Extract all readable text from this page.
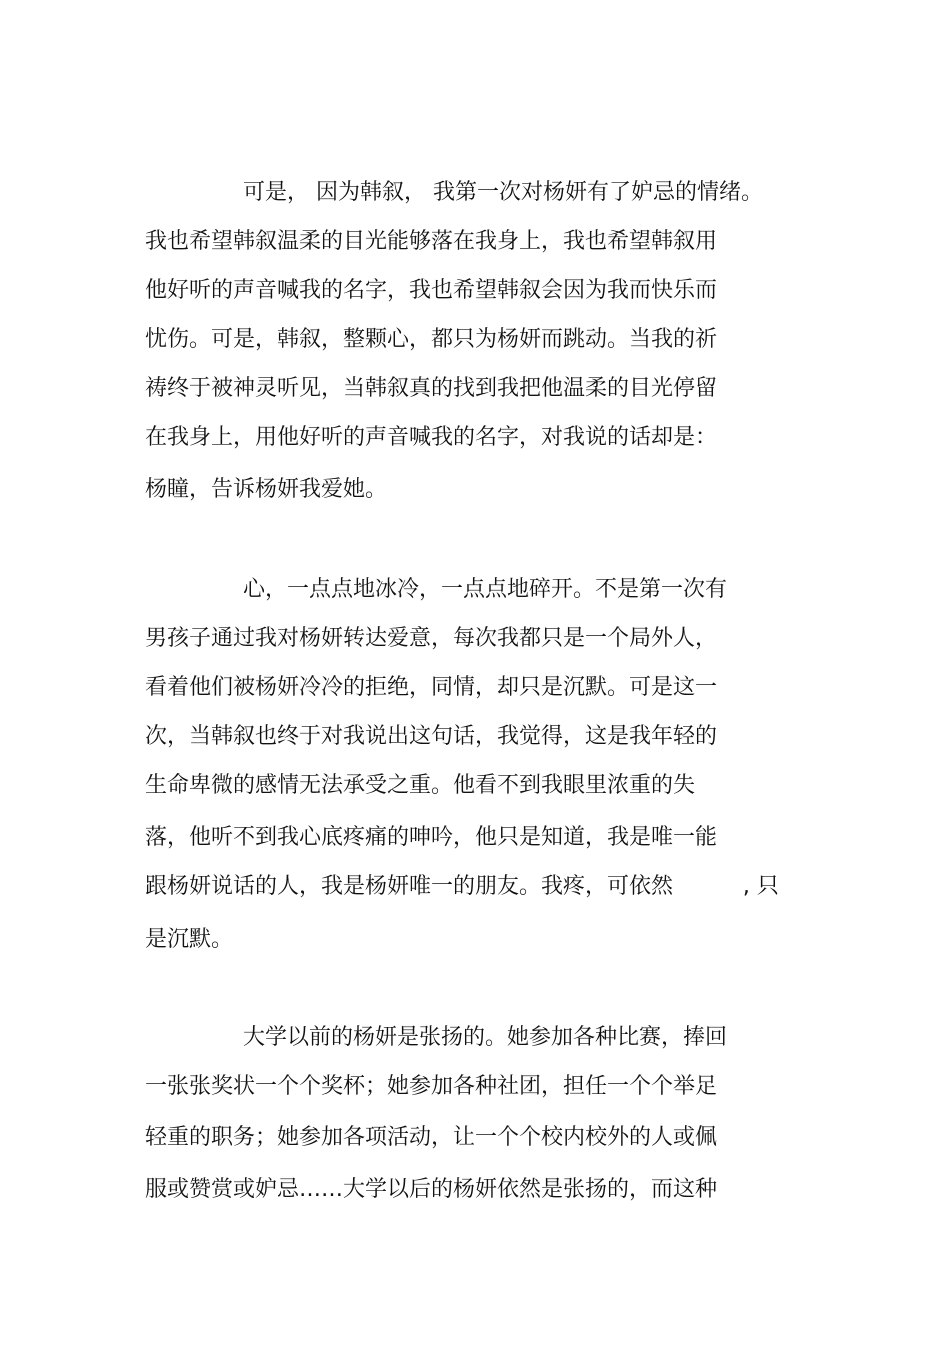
可是， 因为韩叙， 我第一次对杨妍有了妒忌的情绪。
我也希望韩叙温柔的目光能够落在我身上，我也希望韩叙用
他好听的声音喊我的名字，我也希望韩叙会因为我而快乐而
忧伤。可是，韩叙，整颗心，都只为杨妍而跳动。当我的祈
祷终于被神灵听见，当韩叙真的找到我把他温柔的目光停留
在我身上，用他好听的声音喊我的名字，对我说的话却是：
杨瞳，告诉杨妍我爱她。
心，一点点地冰冷，一点点地碎开。不是第一次有
男孩子通过我对杨妍转达爱意，每次我都只是一个局外人，
看着他们被杨妍冷冷的拒绝，同情，却只是沉默。可是这一
次，当韩叙也终于对我说出这句话，我觉得，这是我年轻的
生命卑微的感情无法承受之重。他看不到我眼里浓重的失
落，他听不到我心底疼痛的呻吟，他只是知道，我是唯一能
跟杨妍说话的人，我是杨妍唯一的朋友。我疼，可依然          , 只
是沉默。
大学以前的杨妍是张扬的。她参加各种比赛，捧回
一张张奖状一个个奖杯；她参加各种社团，担任一个个举足
轻重的职务；她参加各项活动，让一个个校内校外的人或佩
服或赞赏或妒忌……大学以后的杨妍依然是张扬的，而这种
